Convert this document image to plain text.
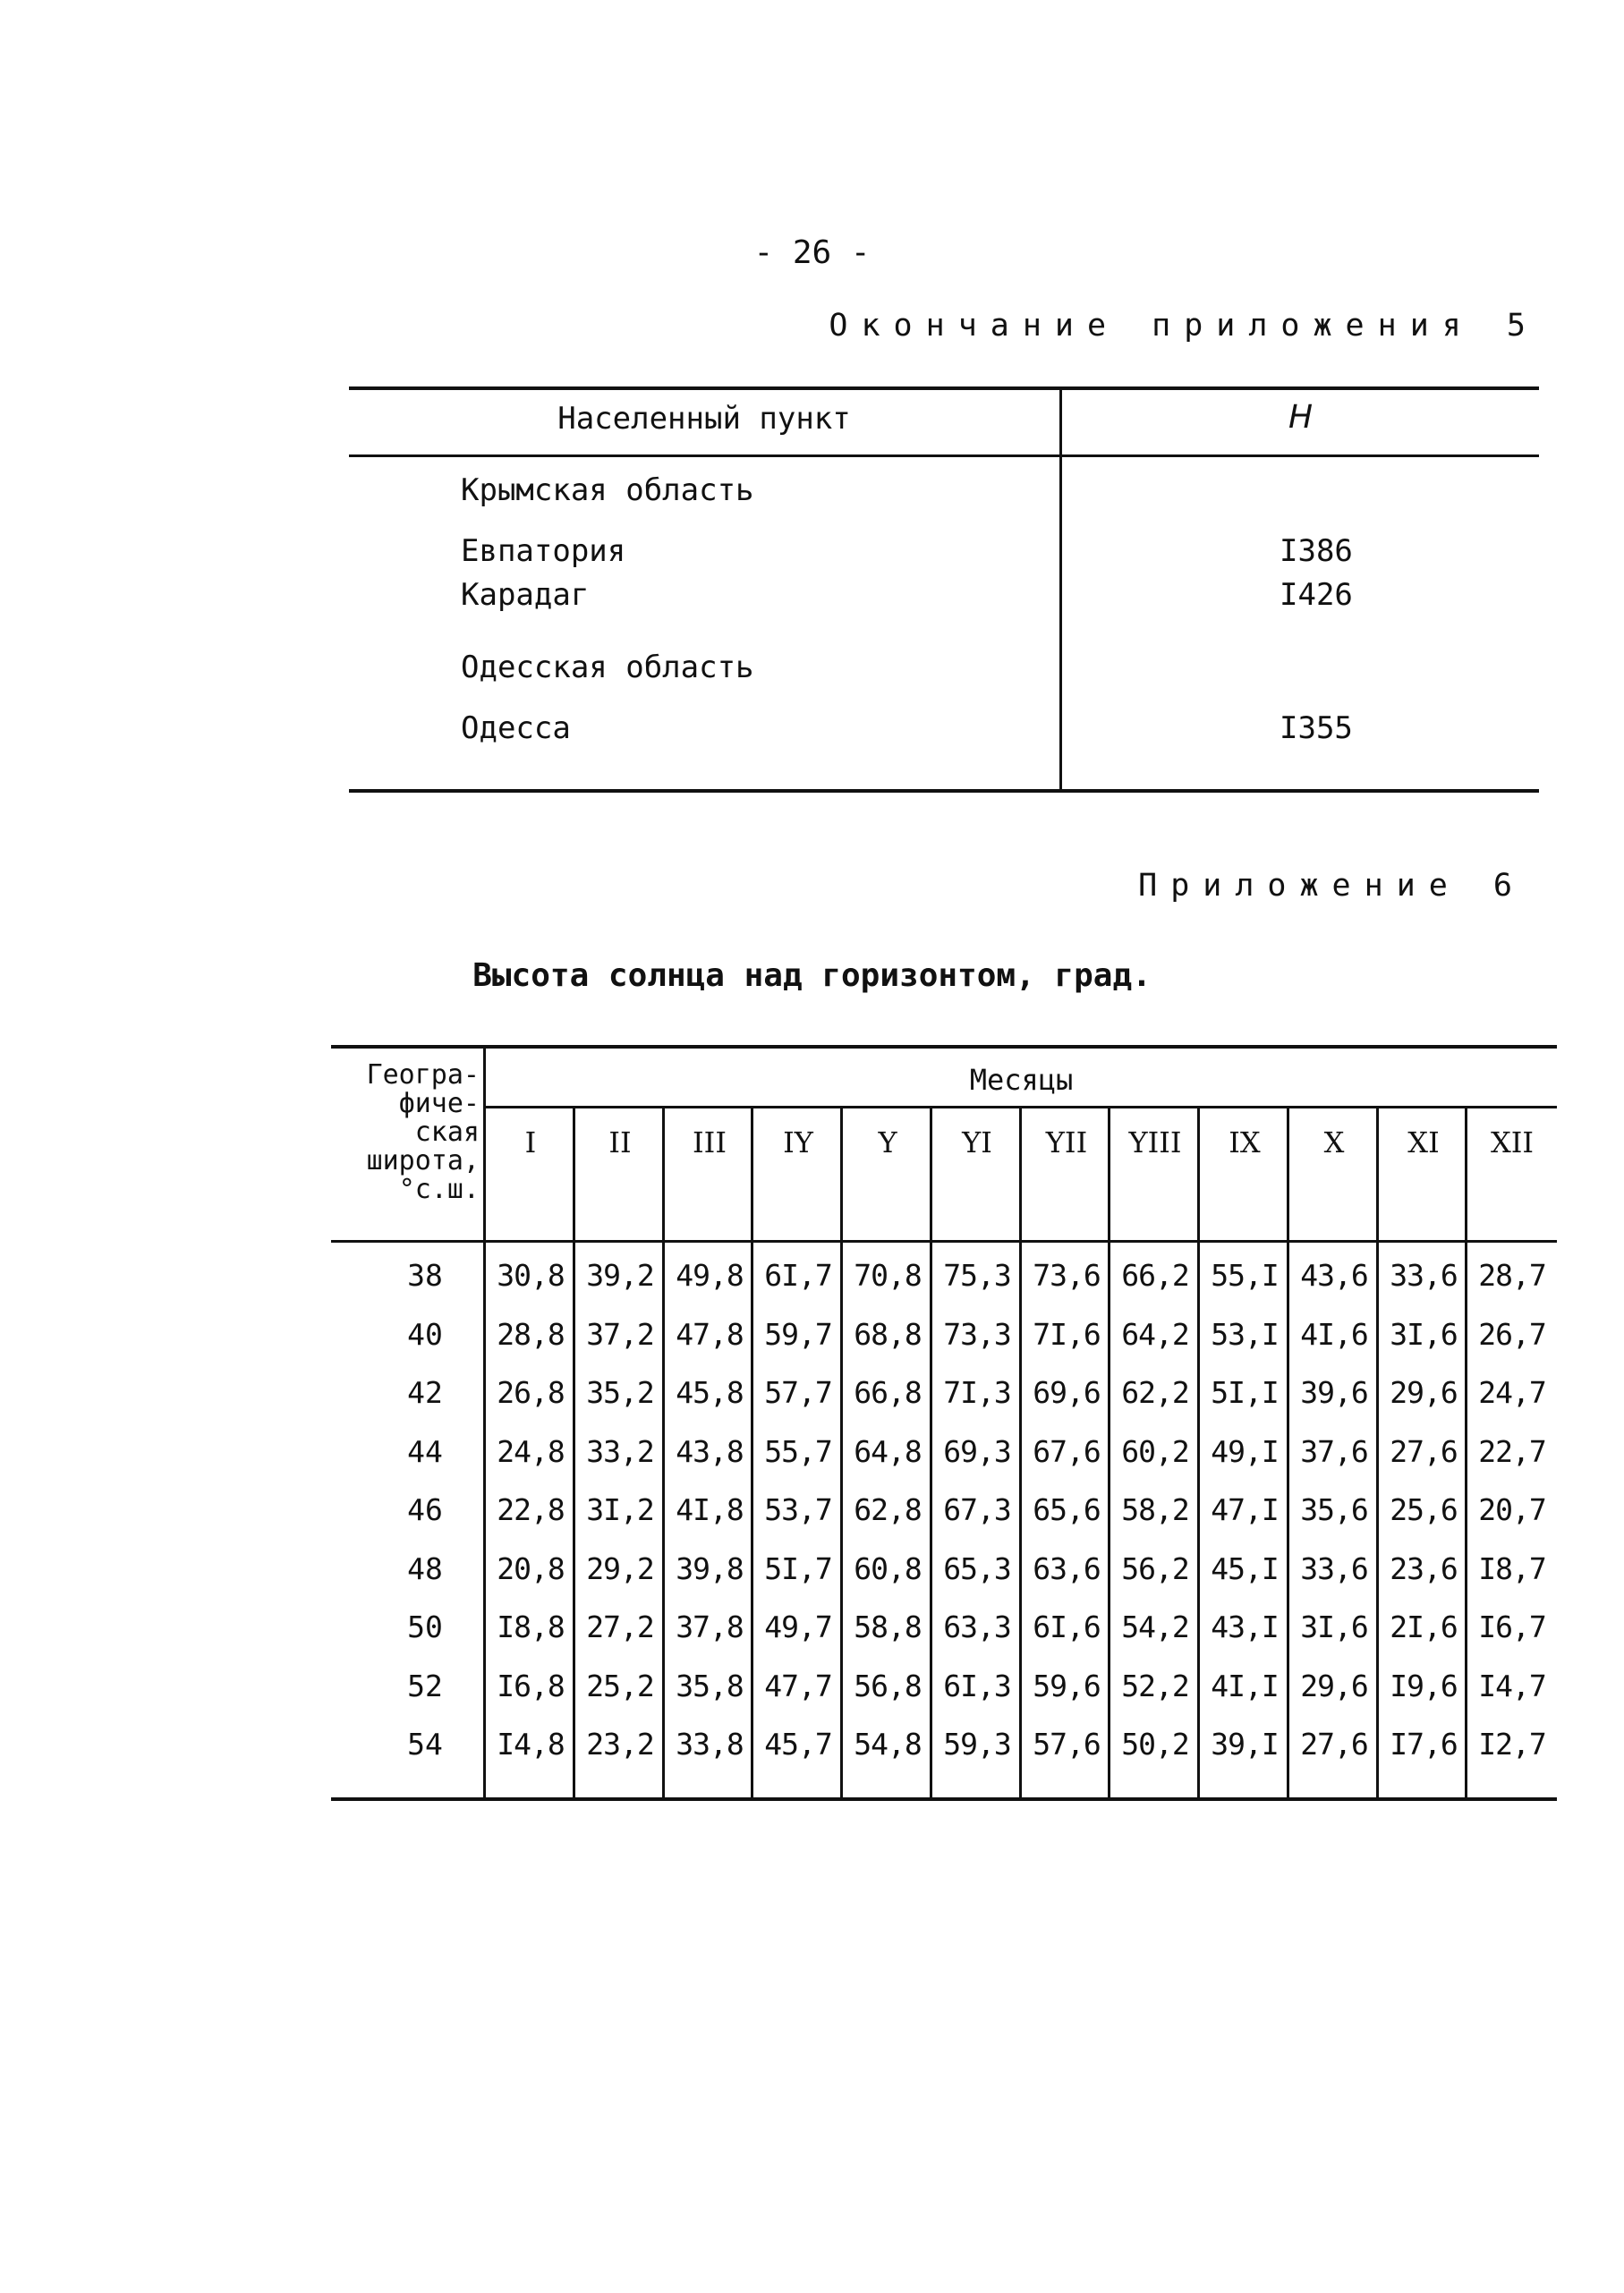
- 26 -
Окончание приложения 5
Населенный пункт	H
Крымская область
Евпатория	I386
Карадаг	I426
Одесская область
Одесса	I355
Приложение 6
Высота солнца над горизонтом, град.
Геогра-
фиче-
ская
широта,
°с.ш.
Месяцы
I	II	III	IY	Y	YI	YII	YIII	IX	X	XI	XII
38	30,8 39,2 49,8 6I,7 70,8 75,3 73,6 66,2 55,I 43,6 33,6 28,7
40	28,8 37,2 47,8 59,7 68,8 73,3 7I,6 64,2 53,I 4I,6 3I,6 26,7
42	26,8 35,2 45,8 57,7 66,8 7I,3 69,6 62,2 5I,I 39,6 29,6 24,7
44	24,8 33,2 43,8 55,7 64,8 69,3 67,6 60,2 49,I 37,6 27,6 22,7
46	22,8 3I,2 4I,8 53,7 62,8 67,3 65,6 58,2 47,I 35,6 25,6 20,7
48	20,8 29,2 39,8 5I,7 60,8 65,3 63,6 56,2 45,I 33,6 23,6 I8,7
50	I8,8 27,2 37,8 49,7 58,8 63,3 6I,6 54,2 43,I 3I,6 2I,6 I6,7
52	I6,8 25,2 35,8 47,7 56,8 6I,3 59,6 52,2 4I,I 29,6 I9,6 I4,7
54	I4,8 23,2 33,8 45,7 54,8 59,3 57,6 50,2 39,I 27,6 I7,6 I2,7
